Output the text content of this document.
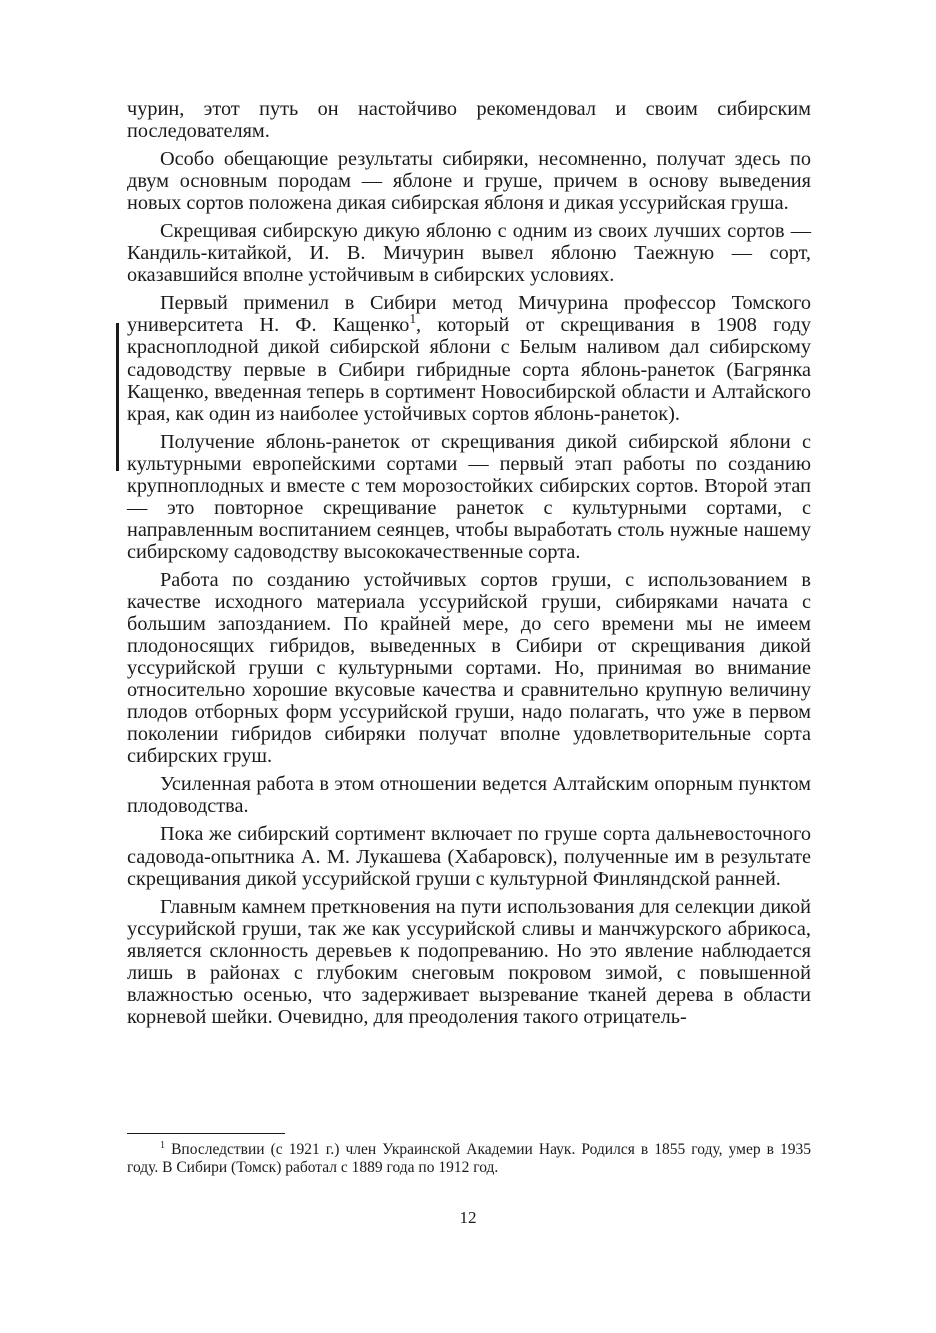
чурин, этот путь он настойчиво рекомендовал и своим сибирским последователям.

Особо обещающие результаты сибиряки, несомненно, получат здесь по двум основным породам — яблоне и груше, причем в основу выведения новых сортов положена дикая сибирская яблоня и дикая уссурийская груша.

Скрещивая сибирскую дикую яблоню с одним из своих лучших сортов — Кандиль-китайкой, И. В. Мичурин вывел яблоню Таежную — сорт, оказавшийся вполне устойчивым в сибирских условиях.

Первый применил в Сибири метод Мичурина профессор Томского университета Н. Ф. Кащенко$^1$, который от скрещивания в 1908 году краснoплодной дикой сибирской яблони с Белым наливом дал сибирскому садоводству первые в Сибири гибридные сорта яблонь-ранеток (Багрянка Кащенко, введенная теперь в сортимент Новосибирской области и Алтайского края, как один из наиболее устойчивых сортов яблонь-ранеток).

Получение яблонь-ранеток от скрещивания дикой сибирской яблони с культурными европейскими сортами — первый этап работы по созданию крупноплодных и вместе с тем морозостойких сибирских сортов. Второй этап — это повторное скрещивание ранеток с культурными сортами, с направленным воспитанием сеянцев, чтобы выработать столь нужные нашему сибирскому садоводству высококачественные сорта.

Работа по созданию устойчивых сортов груши, с использованием в качестве исходного материала уссурийской груши, сибиряками начата с большим запозданием. По крайней мере, до сего времени мы не имеем плодоносящих гибридов, выведенных в Сибири от скрещивания дикой уссурийской груши с культурными сортами. Но, принимая во внимание относительно хорошие вкусовые качества и сравнительно крупную величину плодов отборных форм уссурийской груши, надо полагать, что уже в первом поколении гибридов сибиряки получат вполне удовлетворительные сорта сибирских груш.

Усиленная работа в этом отношении ведется Алтайским опорным пунктом плодоводства.

Пока же сибирский сортимент включает по груше сорта дальневосточного садовода-опытника А. М. Лукашева (Хабаровск), полученные им в результате скрещивания дикой уссурийской груши с культурной Финляндской ранней.

Главным камнем преткновения на пути использования для селекции дикой уссурийской груши, так же как уссурийской сливы и манчжурского абрикоса, является склонность деревьев к подопреванию. Но это явление наблюдается лишь в районах с глубоким снеговым покровом зимой, с повышенной влажностью осенью, что задерживает вызревание тканей дерева в области корневой шейки. Очевидно, для преодоления такого отрицатель-

$^1$ Впоследствии (с 1921 г.) член Украинской Академии Наук. Родился в 1855 году, умер в 1935 году. В Сибири (Томск) работал с 1889 года по 1912 год.
12
